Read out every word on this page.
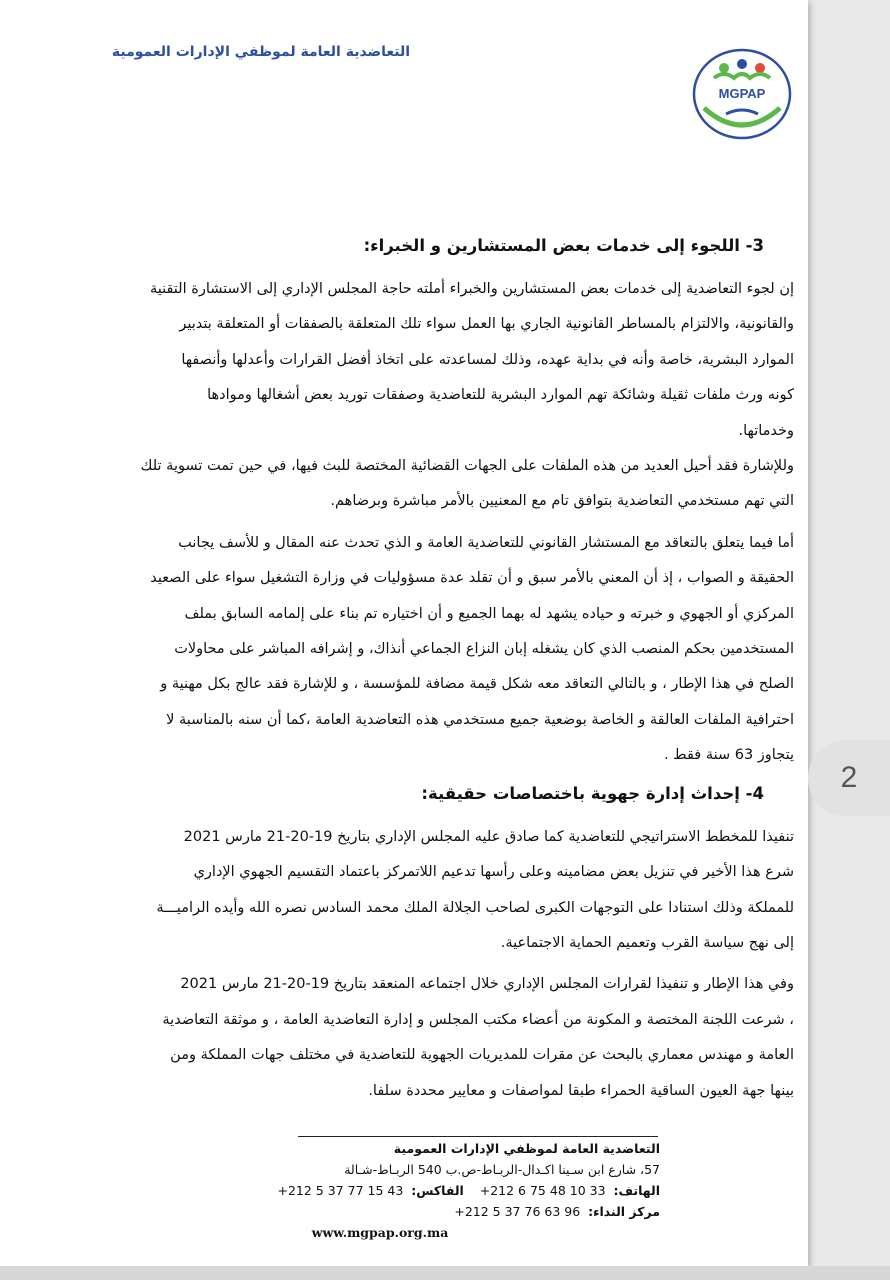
التعاضدية العامة لموظفي الإدارات العمومية
MGPAP
3- اللجوء إلى خدمات بعض المستشارين و الخبراء:
إن لجوء التعاضدية إلى خدمات بعض المستشارين والخبراء أملته حاجة المجلس الإداري إلى الاستشارة التقنية
والقانونية، والالتزام بالمساطر القانونية الجاري بها العمل سواء تلك المتعلقة بالصفقات أو المتعلقة بتدبير
الموارد البشرية، خاصة وأنه في بداية عهده، وذلك لمساعدته على اتخاذ أفضل القرارات وأعدلها وأنصفها
كونه ورث ملفات ثقيلة وشائكة تهم الموارد البشرية للتعاضدية وصفقات توريد بعض أشغالها وموادها
وخدماتها.
وللإشارة فقد أحيل العديد من هذه الملفات على الجهات القضائية المختصة للبث فيها، في حين تمت تسوية تلك
التي تهم مستخدمي التعاضدية بتوافق تام مع المعنيين بالأمر مباشرة وبرضاهم.
أما فيما يتعلق بالتعاقد مع المستشار القانوني للتعاضدية العامة و الذي تحدث عنه المقال و للأسف يجانب
الحقيقة و الصواب ، إذ أن المعني بالأمر سبق و أن تقلد عدة مسؤوليات في وزارة التشغيل سواء على الصعيد
المركزي أو الجهوي و خبرته و حياده يشهد له بهما الجميع و أن اختياره تم بناء على إلمامه السابق بملف
المستخدمين بحكم المنصب الذي كان يشغله إبان النزاع الجماعي أنذاك، و إشرافه المباشر على محاولات
الصلح في هذا الإطار ، و بالتالي التعاقد معه شكل قيمة مضافة للمؤسسة ، و للإشارة فقد عالج بكل مهنية و
احترافية الملفات العالقة و الخاصة بوضعية جميع مستخدمي هذه التعاضدية العامة ،كما أن سنه بالمناسبة لا
يتجاوز 63 سنة فقط .
4- إحداث إدارة جهوية باختصاصات حقيقية:
تنفيذا للمخطط الاستراتيجي للتعاضدية كما صادق عليه المجلس الإداري بتاريخ 19-20-21 مارس 2021
شرع هذا الأخير في تنزيل بعض مضامينه وعلى رأسها تدعيم اللاتمركز باعتماد التقسيم الجهوي الإداري
للمملكة وذلك استنادا على التوجهات الكبرى لصاحب الجلالة الملك محمد السادس نصره الله وأيده الراميـــة
إلى نهج سياسة القرب وتعميم الحماية الاجتماعية.
وفي هذا الإطار و تنفيذا لقرارات المجلس الإداري خلال اجتماعه المنعقد بتاريخ 19-20-21 مارس 2021
، شرعت اللجنة المختصة و المكونة من أعضاء مكتب المجلس و إدارة التعاضدية العامة ، و موثقة التعاضدية
العامة و مهندس معماري بالبحث عن مقرات للمديريات الجهوية للتعاضدية في مختلف جهات المملكة ومن
بينها جهة العيون الساقية الحمراء طبقا لمواصفات و معايير محددة سلفا.
التعاضدية العامة لموظفي الإدارات العمومية
57، شارع ابن سـينا اكـدال-الربـاط-ص.ب 540 الربـاط-شـالة
الهاتف:  +212 6 75 48 10 33    الفاكس:  +212 5 37 77 15 43
مركز النداء:  +212 5 37 76 63 96
www.mgpap.org.ma
2
